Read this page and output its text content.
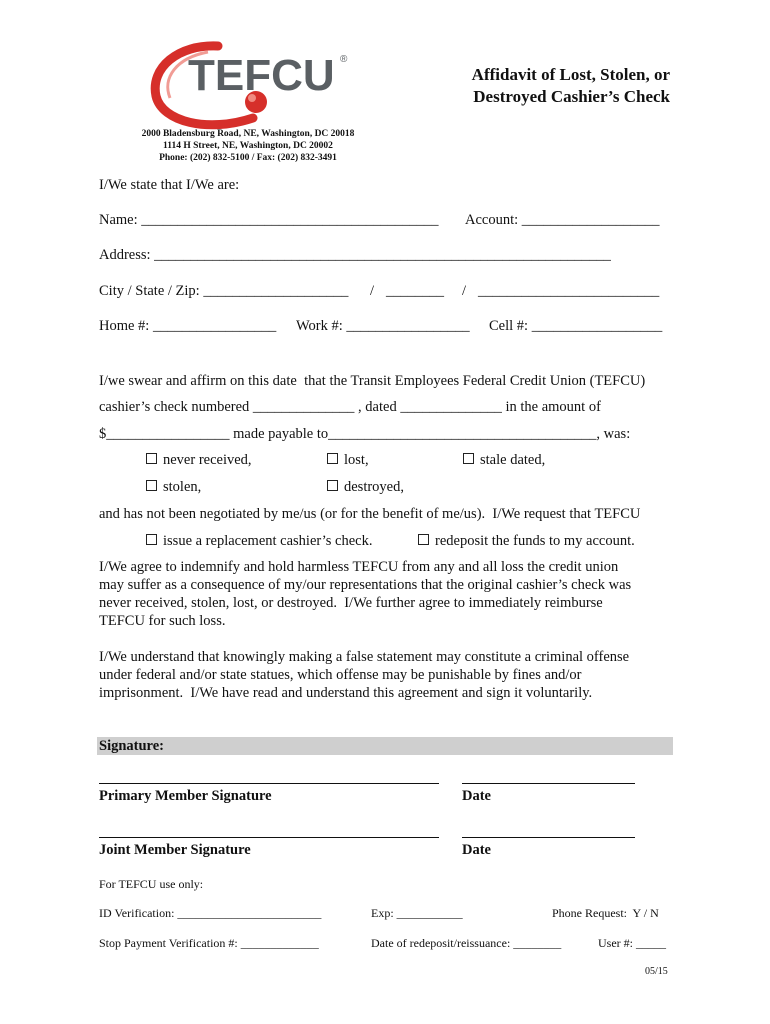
TEFCU ®
Affidavit of Lost, Stolen, or
Destroyed Cashier’s Check
2000 Bladensburg Road, NE, Washington, DC 20018
1114 H Street, NE, Washington, DC 20002
Phone: (202) 832-5100 / Fax: (202) 832-3491
I/We state that I/We are:
Name: _________________________________________ Account: ___________________
Address: _______________________________________________________________
City / State / Zip: ____________________ / ________ / _________________________
Home #: _________________ Work #: _________________ Cell #: __________________
I/we swear and affirm on this date  that the Transit Employees Federal Credit Union (TEFCU)
cashier’s check numbered ______________ , dated ______________ in the amount of
$_________________ made payable to_____________________________________, was:
never received,	lost,	stale dated,
stolen,	destroyed,
and has not been negotiated by me/us (or for the benefit of me/us).  I/We request that TEFCU
issue a replacement cashier’s check.	redeposit the funds to my account.
I/We agree to indemnify and hold harmless TEFCU from any and all loss the credit union
may suffer as a consequence of my/our representations that the original cashier’s check was
never received, stolen, lost, or destroyed.  I/We further agree to immediately reimburse
TEFCU for such loss.
I/We understand that knowingly making a false statement may constitute a criminal offense
under federal and/or state statues, which offense may be punishable by fines and/or
imprisonment.  I/We have read and understand this agreement and sign it voluntarily.
Signature:
Primary Member Signature	Date
Joint Member Signature	Date
For TEFCU use only:
ID Verification: ________________________	Exp: ___________	Phone Request:  Y / N
Stop Payment Verification #: _____________	Date of redeposit/reissuance: ________	User #: _____
05/15
